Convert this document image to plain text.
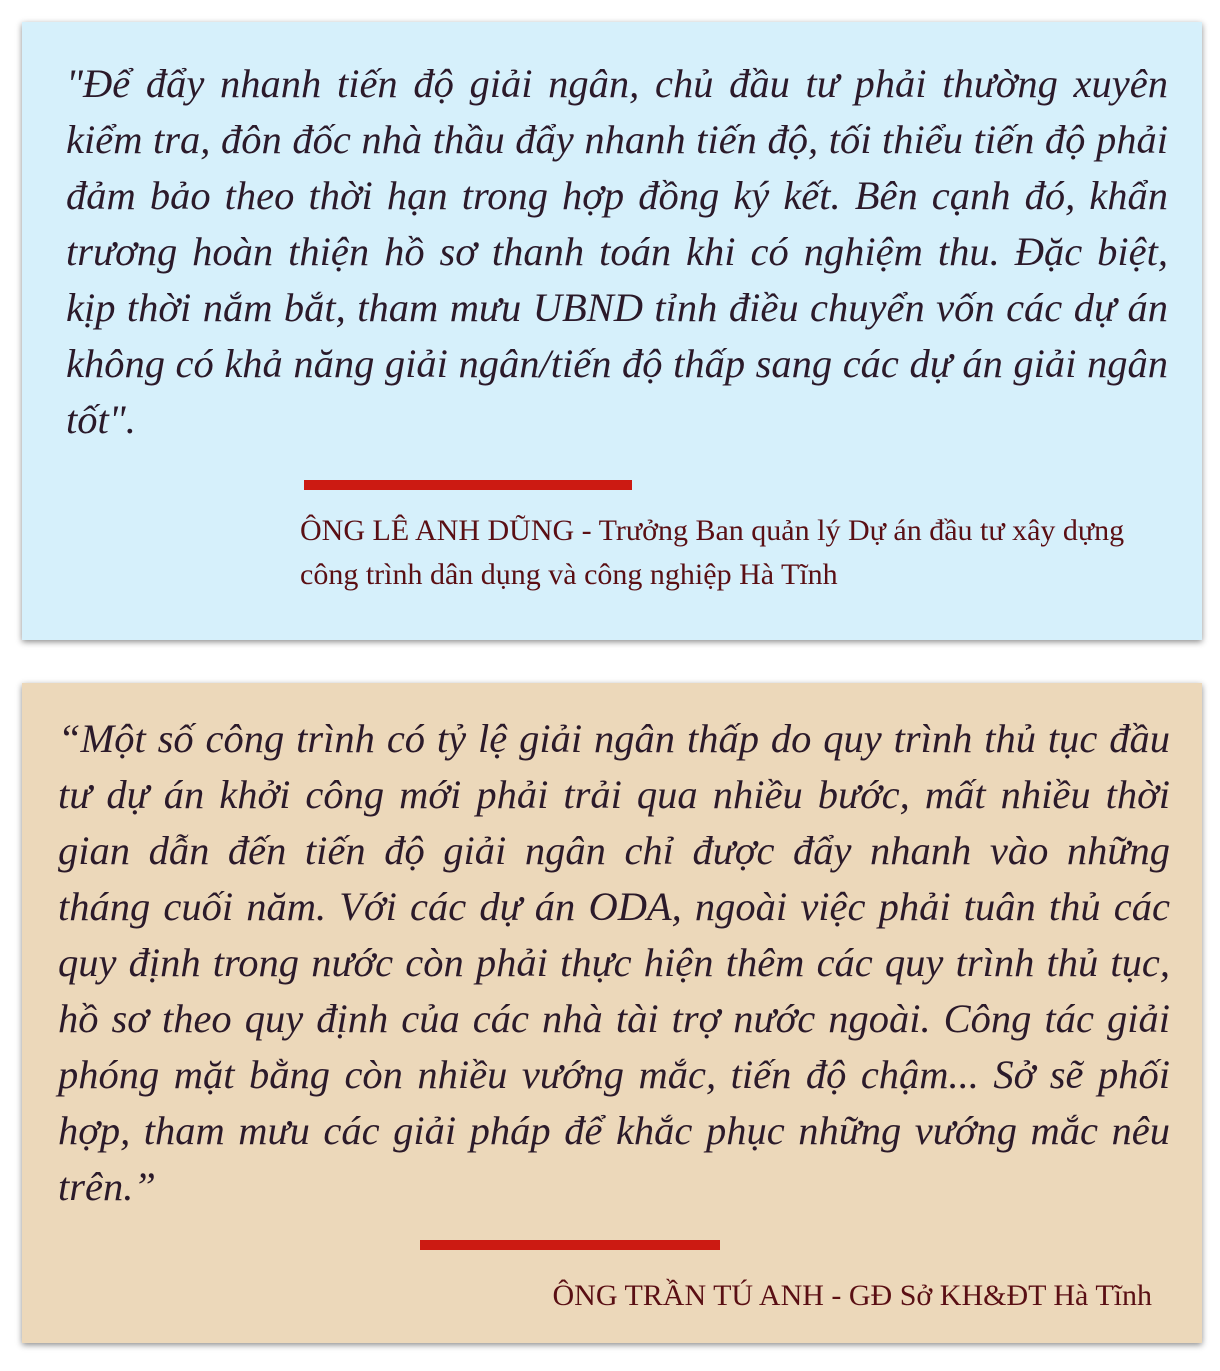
"Để đẩy nhanh tiến độ giải ngân, chủ đầu tư phải thường xuyên kiểm tra, đôn đốc nhà thầu đẩy nhanh tiến độ, tối thiểu tiến độ phải đảm bảo theo thời hạn trong hợp đồng ký kết. Bên cạnh đó, khẩn trương hoàn thiện hồ sơ thanh toán khi có nghiệm thu. Đặc biệt, kịp thời nắm bắt, tham mưu UBND tỉnh điều chuyển vốn các dự án không có khả năng giải ngân/tiến độ thấp sang các dự án giải ngân tốt".

ÔNG LÊ ANH DŨNG - Trưởng Ban quản lý Dự án đầu tư xây dựng công trình dân dụng và công nghiệp Hà Tĩnh

“Một số công trình có tỷ lệ giải ngân thấp do quy trình thủ tục đầu tư dự án khởi công mới phải trải qua nhiều bước, mất nhiều thời gian dẫn đến tiến độ giải ngân chỉ được đẩy nhanh vào những tháng cuối năm. Với các dự án ODA, ngoài việc phải tuân thủ các quy định trong nước còn phải thực hiện thêm các quy trình thủ tục, hồ sơ theo quy định của các nhà tài trợ nước ngoài. Công tác giải phóng mặt bằng còn nhiều vướng mắc, tiến độ chậm... Sở sẽ phối hợp, tham mưu các giải pháp để khắc phục những vướng mắc nêu trên.”

ÔNG TRẦN TÚ ANH - GĐ Sở KH&ĐT Hà Tĩnh
